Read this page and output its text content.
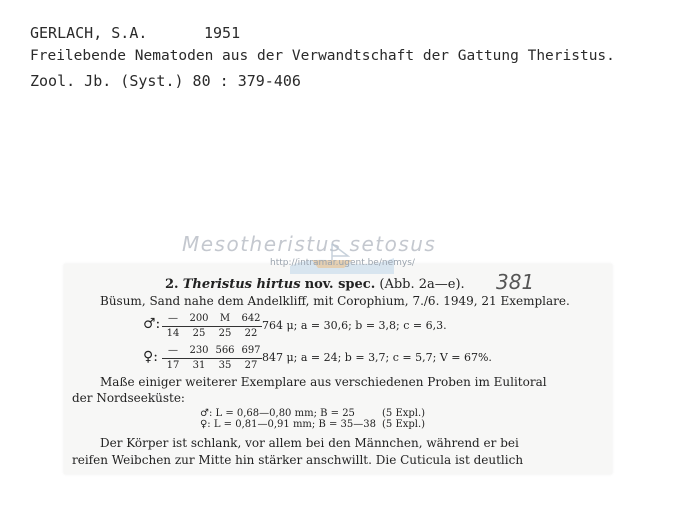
GERLACH, S.A.	1951
Freilebende Nematoden aus der Verwandtschaft der Gattung Theristus.
Zool. Jb. (Syst.) 80 : 379-406
Mesotheristus setosus
http://intramar.ugent.be/nemys/
2. Theristus hirtus nov. spec. (Abb. 2a—e). 381
Büsum, Sand nahe dem Andelkliff, mit Corophium, 7./6. 1949, 21 Exemplare.
♂: —	200	M	642
14	25	25	22
764 μ; a = 30,6; b = 3,8; c = 6,3.
♀:	—	230 566 697
17	31	35	27
847 μ; a = 24; b = 3,7; c = 5,7; V = 67%.
Maße einiger weiterer Exemplare aus verschiedenen Proben im Eulitoral
der Nordseeküste:
♂: L = 0,68—0,80 mm; B = 25	(5 Expl.)
♀: L = 0,81—0,91 mm; B = 35—38 (5 Expl.)
Der Körper ist schlank, vor allem bei den Männchen, während er bei
reifen Weibchen zur Mitte hin stärker anschwillt. Die Cuticula ist deutlich
